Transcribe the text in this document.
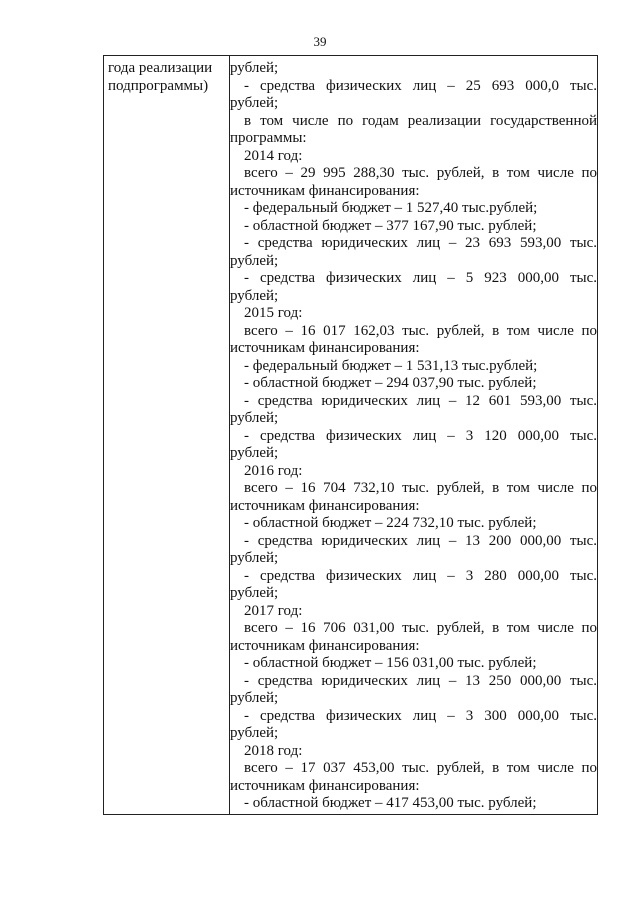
39
года реализации
подпрограммы)

рублей;
- средства физических лиц – 25 693 000,0 тыс.
рублей;
в том числе по годам реализации государственной
программы:
2014 год:
всего – 29 995 288,30 тыс. рублей, в том числе по
источникам финансирования:
- федеральный бюджет – 1 527,40 тыс.рублей;
- областной бюджет – 377 167,90 тыс. рублей;
- средства юридических лиц – 23 693 593,00 тыс.
рублей;
- средства физических лиц – 5 923 000,00 тыс.
рублей;
2015 год:
всего – 16 017 162,03 тыс. рублей, в том числе по
источникам финансирования:
- федеральный бюджет – 1 531,13 тыс.рублей;
- областной бюджет – 294 037,90 тыс. рублей;
- средства юридических лиц – 12 601 593,00 тыс.
рублей;
- средства физических лиц – 3 120 000,00 тыс.
рублей;
2016 год:
всего – 16 704 732,10 тыс. рублей, в том числе по
источникам финансирования:
- областной бюджет – 224 732,10 тыс. рублей;
- средства юридических лиц – 13 200 000,00 тыс.
рублей;
- средства физических лиц – 3 280 000,00 тыс.
рублей;
2017 год:
всего – 16 706 031,00 тыс. рублей, в том числе по
источникам финансирования:
- областной бюджет – 156 031,00 тыс. рублей;
- средства юридических лиц – 13 250 000,00 тыс.
рублей;
- средства физических лиц – 3 300 000,00 тыс.
рублей;
2018 год:
всего – 17 037 453,00 тыс. рублей, в том числе по
источникам финансирования:
- областной бюджет – 417 453,00 тыс. рублей;
